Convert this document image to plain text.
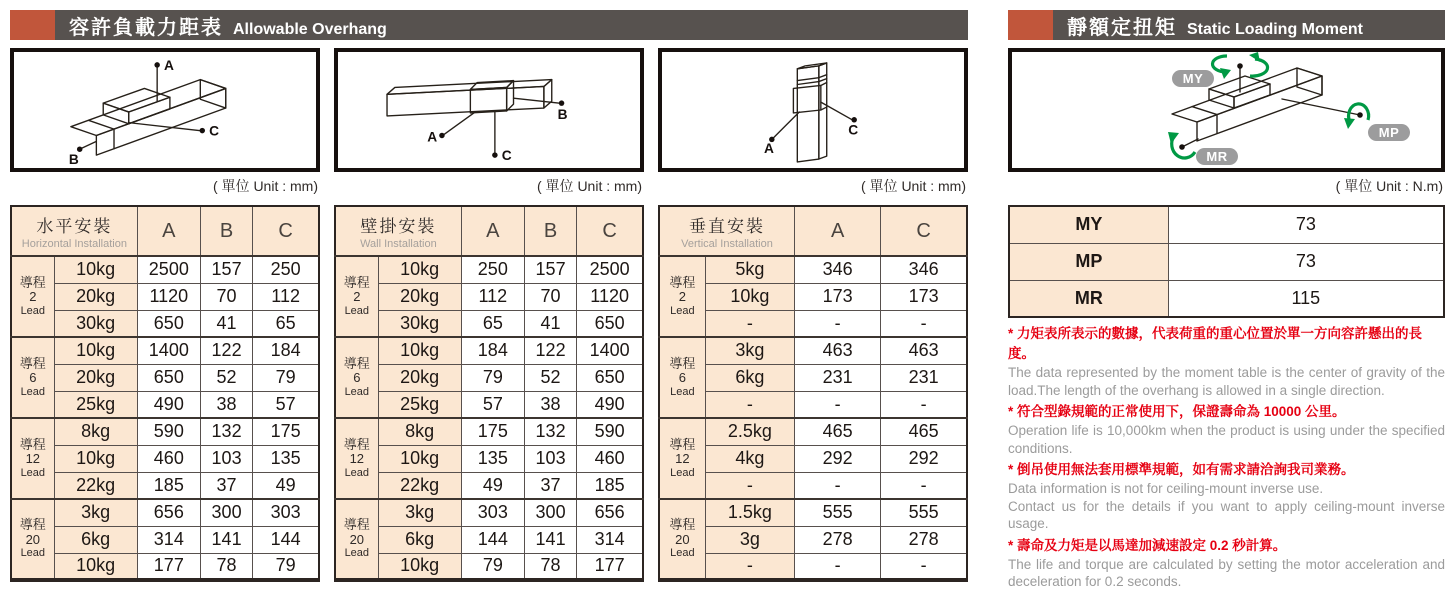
容許負載力距表 Allowable Overhang
A
C
B
( 單位 Unit : mm)
水平安裝
Horizontal Installation		A	B	C

導程
2
Lead	10kg	2500	157	250
	20kg	1120	70	112
	30kg	650	41	65

導程
6
Lead	10kg	1400	122	184
	20kg	650	52	79
	25kg	490	38	57

導程
12
Lead	8kg	590	132	175
	10kg	460	103	135
	22kg	185	37	49

導程
20
Lead	3kg	656	300	303
	6kg	314	141	144
	10kg	177	78	79
A
B
C
( 單位 Unit : mm)
壁掛安裝
Wall Installation		A	B	C

導程
2
Lead	10kg	250	157	2500
	20kg	112	70	1120
	30kg	65	41	650

導程
6
Lead	10kg	184	122	1400
	20kg	79	52	650
	25kg	57	38	490

導程
12
Lead	8kg	175	132	590
	10kg	135	103	460
	22kg	49	37	185

導程
20
Lead	3kg	303	300	656
	6kg	144	141	314
	10kg	79	78	177
A
C
( 單位 Unit : mm)
垂直安裝
Vertical Installation		A	C

導程
2
Lead	5kg	346	346
	10kg	173	173
	-	-	-

導程
6
Lead	3kg	463	463
	6kg	231	231
	-	-	-

導程
12
Lead	2.5kg	465	465
	4kg	292	292
	-	-	-

導程
20
Lead	1.5kg	555	555
	3g	278	278
	-	-	-
靜額定扭矩 Static Loading Moment
MY
MP
MR
( 單位 Unit : N.m)
MY	73
MP	73
MR	115

* 力矩表所表示的數據，代表荷重的重心位置於單一方向容許懸出的長度。

The data represented by the moment table is the center of gravity of the load.The length of the overhang is allowed in a single direction.

* 符合型錄規範的正常使用下，保證壽命為 10000 公里。

Operation life is 10,000km when the product is using under the specified conditions.

* 倒吊使用無法套用標準規範，如有需求請洽詢我司業務。

Data information is not for ceiling-mount inverse use.

Contact us for the details if you want to apply ceiling-mount inverse usage.

* 壽命及力矩是以馬達加減速設定 0.2 秒計算。

The life and torque are calculated by setting the motor acceleration and deceleration for 0.2 seconds.
